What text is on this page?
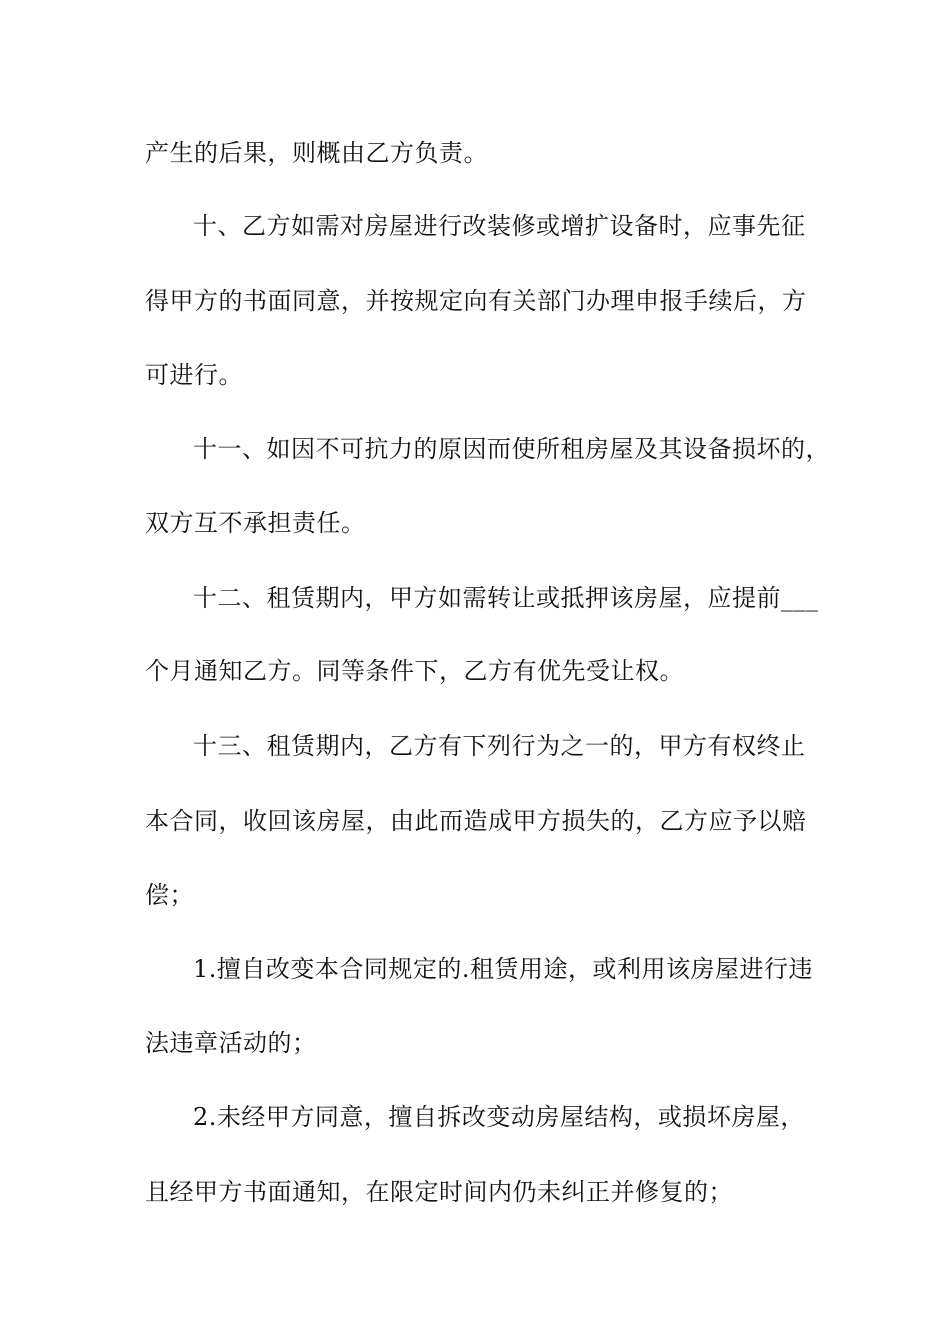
产生的后果，则概由乙方负责。
十、乙方如需对房屋进行改装修或增扩设备时，应事先征
得甲方的书面同意，并按规定向有关部门办理申报手续后，方
可进行。
十一、如因不可抗力的原因而使所租房屋及其设备损坏的，
双方互不承担责任。
十二、租赁期内，甲方如需转让或抵押该房屋，应提前___
个月通知乙方。同等条件下，乙方有优先受让权。
十三、租赁期内，乙方有下列行为之一的，甲方有权终止
本合同，收回该房屋，由此而造成甲方损失的，乙方应予以赔
偿；
1.擅自改变本合同规定的.租赁用途，或利用该房屋进行违
法违章活动的；
2.未经甲方同意，擅自拆改变动房屋结构，或损坏房屋，
且经甲方书面通知，在限定时间内仍未纠正并修复的；
